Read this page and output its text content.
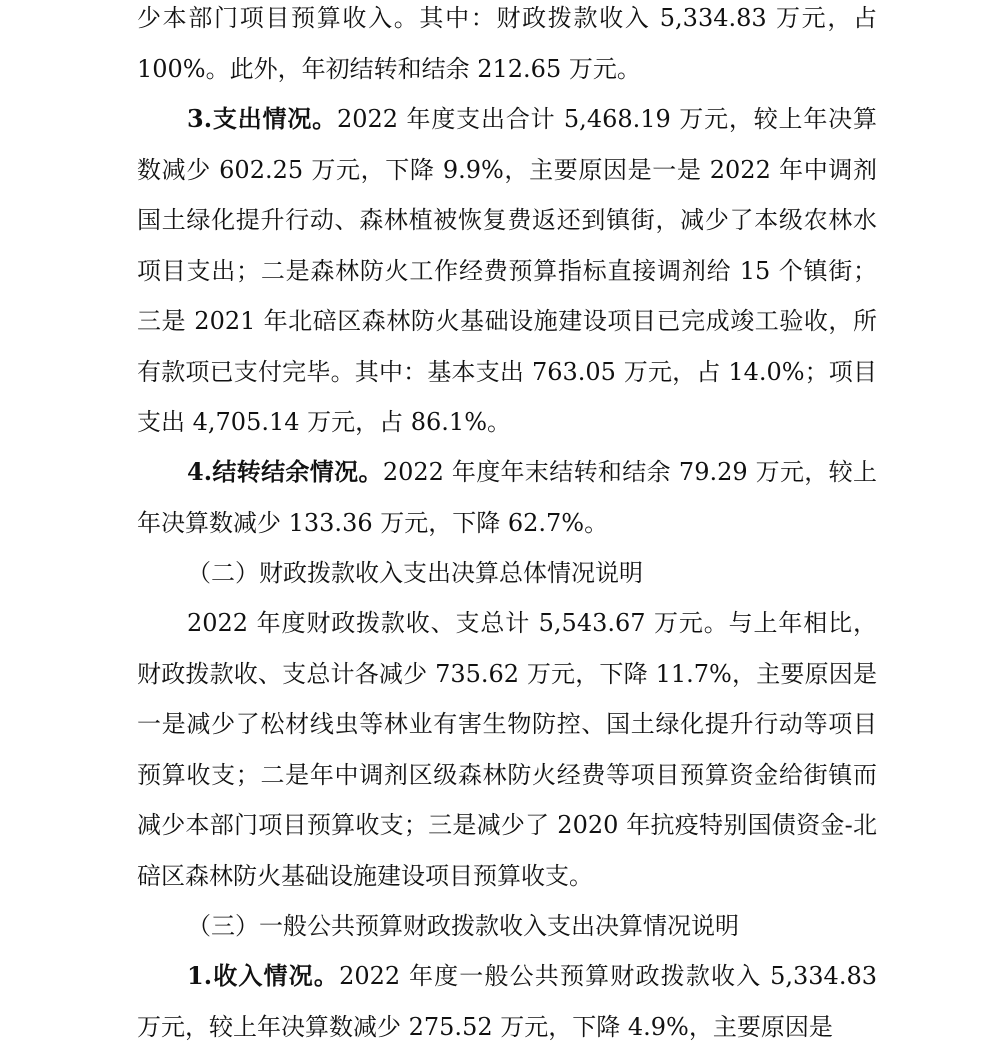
少本部门项目预算收入。其中：财政拨款收入 5,334.83 万元，占 100%。此外，年初结转和结余 212.65 万元。

3.支出情况。2022 年度支出合计 5,468.19 万元，较上年决算数减少 602.25 万元，下降 9.9%，主要原因是一是 2022 年中调剂国土绿化提升行动、森林植被恢复费返还到镇街，减少了本级农林水项目支出；二是森林防火工作经费预算指标直接调剂给 15 个镇街；三是 2021 年北碚区森林防火基础设施建设项目已完成竣工验收，所有款项已支付完毕。其中：基本支出 763.05 万元，占 14.0%；项目支出 4,705.14 万元，占 86.1%。

4.结转结余情况。2022 年度年末结转和结余 79.29 万元，较上年决算数减少 133.36 万元，下降 62.7%。

（二）财政拨款收入支出决算总体情况说明

2022 年度财政拨款收、支总计 5,543.67 万元。与上年相比，财政拨款收、支总计各减少 735.62 万元，下降 11.7%，主要原因是一是减少了松材线虫等林业有害生物防控、国土绿化提升行动等项目预算收支；二是年中调剂区级森林防火经费等项目预算资金给街镇而减少本部门项目预算收支；三是减少了 2020 年抗疫特别国债资金-北碚区森林防火基础设施建设项目预算收支。

（三）一般公共预算财政拨款收入支出决算情况说明

1.收入情况。2022 年度一般公共预算财政拨款收入 5,334.83 万元，较上年决算数减少 275.52 万元，下降 4.9%，主要原因是
